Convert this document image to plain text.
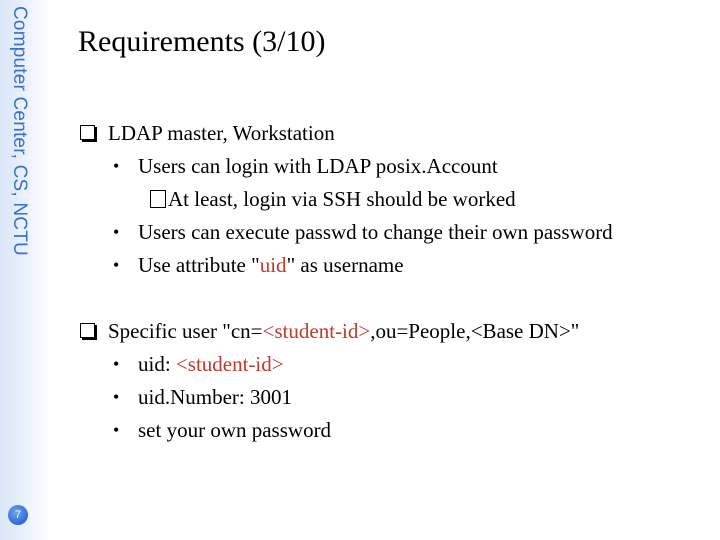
Computer Center, CS, NCTU
7
Requirements (3/10)
LDAP master, Workstation
• Users can login with LDAP posix.Account
At least, login via SSH should be worked
• Users can execute passwd to change their own password
• Use attribute "uid" as username
Specific user "cn=<student-id>,ou=People,<Base DN>"
• uid: <student-id>
• uid.Number: 3001
• set your own password
